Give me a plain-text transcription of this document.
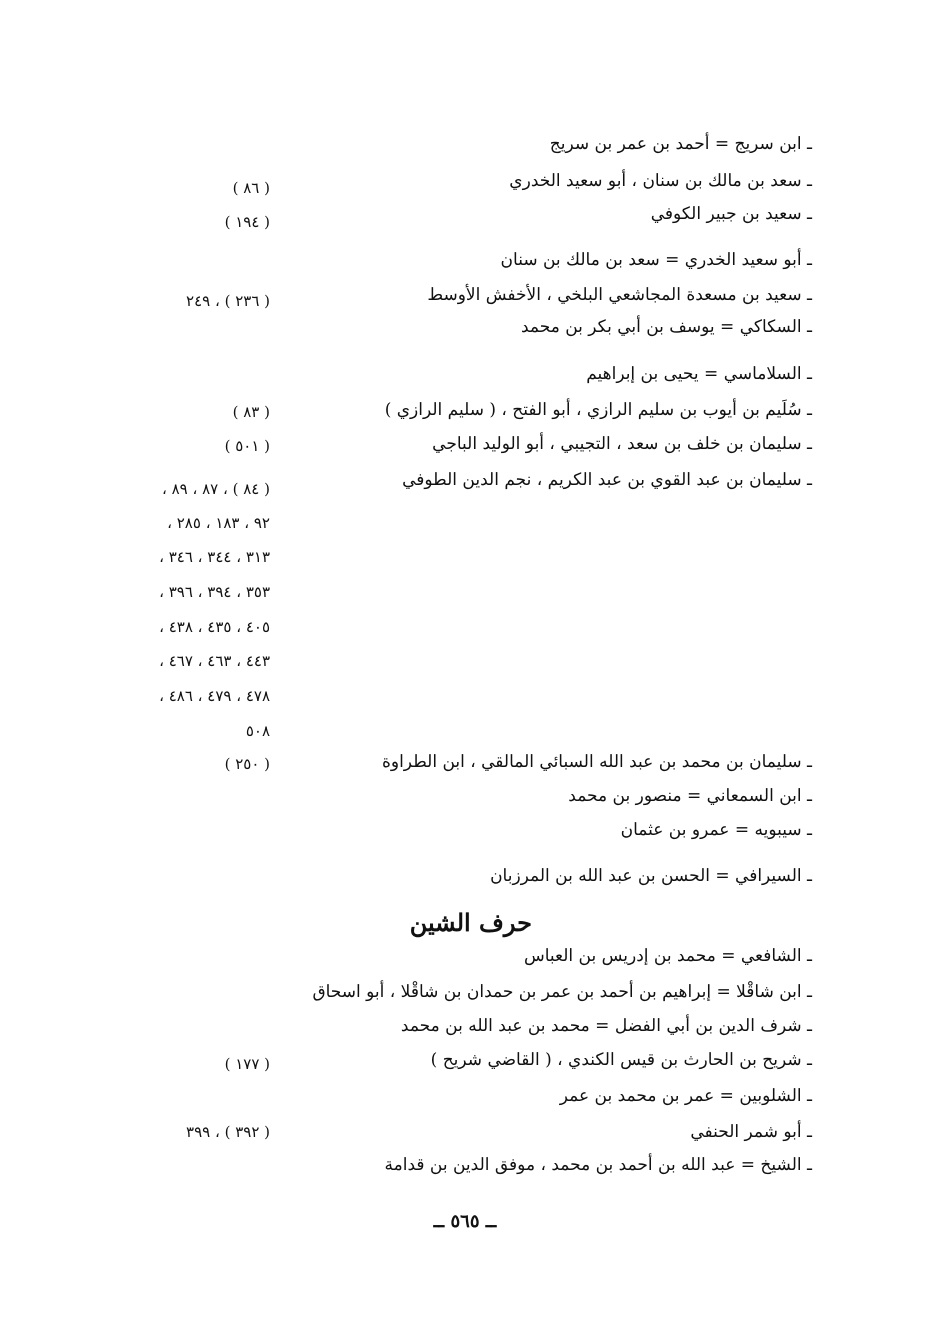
ـ ابن سريج = أحمد بن عمر بن سريج
ـ سعد بن مالك بن سنان ، أبو سعيد الخدري
ـ سعيد بن جبير الكوفي
ـ أبو سعيد الخدري = سعد بن مالك بن سنان
ـ سعيد بن مسعدة المجاشعي البلخي ، الأخفش الأوسط
ـ السكاكي = يوسف بن أبي بكر بن محمد
ـ السلاماسي = يحيى بن إبراهيم
ـ سُلَيم بن أيوب بن سليم الرازي ، أبو الفتح ، ( سليم الرازي )
ـ سليمان بن خلف بن سعد ، التجيبي ، أبو الوليد الباجي
ـ سليمان بن عبد القوي بن عبد الكريم ، نجم الدين الطوفي
ـ سليمان بن محمد بن عبد الله السبائي المالقي ، ابن الطراوة
ـ ابن السمعاني = منصور بن محمد
ـ سيبويه = عمرو بن عثمان
ـ السيرافي = الحسن بن عبد الله بن المرزبان
حرف الشين
ـ الشافعي = محمد بن إدريس بن العباس
ـ ابن شاقْلا = إبراهيم بن أحمد بن عمر بن حمدان بن شاقْلا ، أبو اسحاق
ـ شرف الدين بن أبي الفضل = محمد بن عبد الله بن محمد
ـ شريح بن الحارث بن قيس الكندي ، ( القاضي شريح )
ـ الشلوبين = عمر بن محمد بن عمر
ـ أبو شمر الحنفي
ـ الشيخ = عبد الله بن أحمد بن محمد ، موفق الدين بن قدامة
( ٨٦ )
( ١٩٤ )
( ٢٣٦ ) ، ٢٤٩
( ٨٣ )
( ٥٠١ )
( ٨٤ ) ، ٨٧ ، ٨٩ ،
٩٢ ، ١٨٣ ، ٢٨٥ ،
٣١٣ ، ٣٤٤ ، ٣٤٦ ،
٣٥٣ ، ٣٩٤ ، ٣٩٦ ،
٤٠٥ ، ٤٣٥ ، ٤٣٨ ،
٤٤٣ ، ٤٦٣ ، ٤٦٧ ،
٤٧٨ ، ٤٧٩ ، ٤٨٦ ،
٥٠٨
( ٢٥٠ )
( ١٧٧ )
( ٣٩٢ ) ، ٣٩٩
ــ ٥٦٥ ــ
